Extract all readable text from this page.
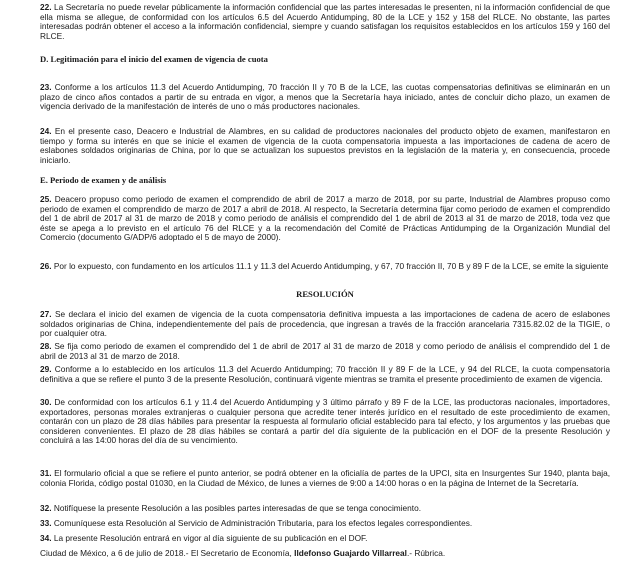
22. La Secretaría no puede revelar públicamente la información confidencial que las partes interesadas le presenten, ni la información confidencial de que ella misma se allegue, de conformidad con los artículos 6.5 del Acuerdo Antidumping, 80 de la LCE y 152 y 158 del RLCE. No obstante, las partes interesadas podrán obtener el acceso a la información confidencial, siempre y cuando satisfagan los requisitos establecidos en los artículos 159 y 160 del RLCE.

D. Legitimación para el inicio del examen de vigencia de cuota

23. Conforme a los artículos 11.3 del Acuerdo Antidumping, 70 fracción II y 70 B de la LCE, las cuotas compensatorias definitivas se eliminarán en un plazo de cinco años contados a partir de su entrada en vigor, a menos que la Secretaría haya iniciado, antes de concluir dicho plazo, un examen de vigencia derivado de la manifestación de interés de uno o más productores nacionales.

24. En el presente caso, Deacero e Industrial de Alambres, en su calidad de productores nacionales del producto objeto de examen, manifestaron en tiempo y forma su interés en que se inicie el examen de vigencia de la cuota compensatoria impuesta a las importaciones de cadena de acero de eslabones soldados originarias de China, por lo que se actualizan los supuestos previstos en la legislación de la materia y, en consecuencia, procede iniciarlo.

E. Periodo de examen y de análisis

25. Deacero propuso como periodo de examen el comprendido de abril de 2017 a marzo de 2018, por su parte, Industrial de Alambres propuso como periodo de examen el comprendido de marzo de 2017 a abril de 2018. Al respecto, la Secretaría determina fijar como periodo de examen el comprendido del 1 de abril de 2017 al 31 de marzo de 2018 y como periodo de análisis el comprendido del 1 de abril de 2013 al 31 de marzo de 2018, toda vez que éste se apega a lo previsto en el artículo 76 del RLCE y a la recomendación del Comité de Prácticas Antidumping de la Organización Mundial del Comercio (documento G/ADP/6 adoptado el 5 de mayo de 2000).

26. Por lo expuesto, con fundamento en los artículos 11.1 y 11.3 del Acuerdo Antidumping, y 67, 70 fracción II, 70 B y 89 F de la LCE, se emite la siguiente

RESOLUCIÓN

27. Se declara el inicio del examen de vigencia de la cuota compensatoria definitiva impuesta a las importaciones de cadena de acero de eslabones soldados originarias de China, independientemente del país de procedencia, que ingresan a través de la fracción arancelaria 7315.82.02 de la TIGIE, o por cualquier otra.

28. Se fija como periodo de examen el comprendido del 1 de abril de 2017 al 31 de marzo de 2018 y como periodo de análisis el comprendido del 1 de abril de 2013 al 31 de marzo de 2018.

29. Conforme a lo establecido en los artículos 11.3 del Acuerdo Antidumping; 70 fracción II y 89 F de la LCE, y 94 del RLCE, la cuota compensatoria definitiva a que se refiere el punto 3 de la presente Resolución, continuará vigente mientras se tramita el presente procedimiento de examen de vigencia.

30. De conformidad con los artículos 6.1 y 11.4 del Acuerdo Antidumping y 3 último párrafo y 89 F de la LCE, las productoras nacionales, importadores, exportadores, personas morales extranjeras o cualquier persona que acredite tener interés jurídico en el resultado de este procedimiento de examen, contarán con un plazo de 28 días hábiles para presentar la respuesta al formulario oficial establecido para tal efecto, y los argumentos y las pruebas que consideren convenientes. El plazo de 28 días hábiles se contará a partir del día siguiente de la publicación en el DOF de la presente Resolución y concluirá a las 14:00 horas del día de su vencimiento.

31. El formulario oficial a que se refiere el punto anterior, se podrá obtener en la oficialía de partes de la UPCI, sita en Insurgentes Sur 1940, planta baja, colonia Florida, código postal 01030, en la Ciudad de México, de lunes a viernes de 9:00 a 14:00 horas o en la página de Internet de la Secretaría.

32. Notifíquese la presente Resolución a las posibles partes interesadas de que se tenga conocimiento.

33. Comuníquese esta Resolución al Servicio de Administración Tributaria, para los efectos legales correspondientes.

34. La presente Resolución entrará en vigor al día siguiente de su publicación en el DOF.

Ciudad de México, a 6 de julio de 2018.- El Secretario de Economía, Ildefonso Guajardo Villarreal.- Rúbrica.
